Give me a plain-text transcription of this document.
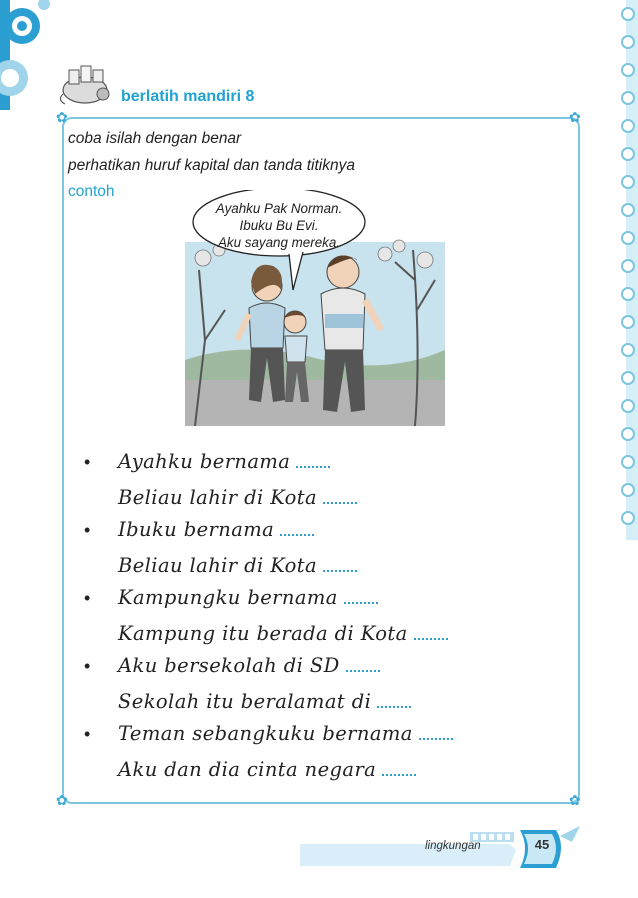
berlatih mandiri 8
✿	✿
✿	✿
coba isilah dengan benar
perhatikan huruf kapital dan tanda titiknya
contoh
Ayahku Pak Norman.
Ibuku Bu Evi.
Aku sayang mereka.
• Ayahku bernama
Beliau lahir di Kota
• Ibuku bernama
Beliau lahir di Kota
• Kampungku bernama
Kampung itu berada di Kota
• Aku bersekolah di SD
Sekolah itu beralamat di
• Teman sebangkuku bernama
Aku dan dia cinta negara
lingkungan	45
